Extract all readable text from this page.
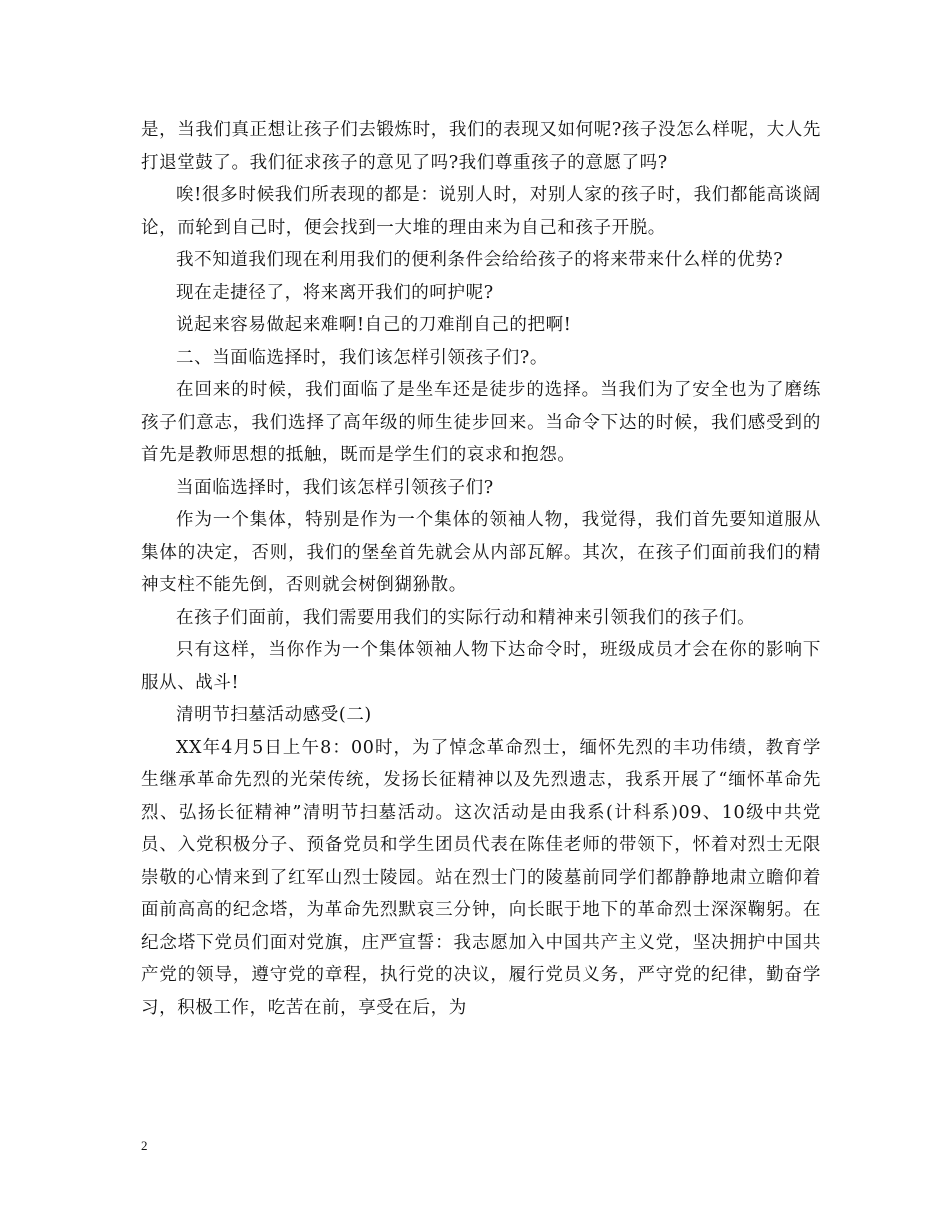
是，当我们真正想让孩子们去锻炼时，我们的表现又如何呢?孩子没怎么样呢，大人先打退堂鼓了。我们征求孩子的意见了吗?我们尊重孩子的意愿了吗?

唉!很多时候我们所表现的都是：说别人时，对别人家的孩子时，我们都能高谈阔论，而轮到自己时，便会找到一大堆的理由来为自己和孩子开脱。

我不知道我们现在利用我们的便利条件会给给孩子的将来带来什么样的优势?

现在走捷径了，将来离开我们的呵护呢?

说起来容易做起来难啊!自己的刀难削自己的把啊!

二、当面临选择时，我们该怎样引领孩子们?。

在回来的时候，我们面临了是坐车还是徒步的选择。当我们为了安全也为了磨练孩子们意志，我们选择了高年级的师生徒步回来。当命令下达的时候，我们感受到的首先是教师思想的抵触，既而是学生们的哀求和抱怨。

当面临选择时，我们该怎样引领孩子们?

作为一个集体，特别是作为一个集体的领袖人物，我觉得，我们首先要知道服从集体的决定，否则，我们的堡垒首先就会从内部瓦解。其次，在孩子们面前我们的精神支柱不能先倒，否则就会树倒猢狲散。

在孩子们面前，我们需要用我们的实际行动和精神来引领我们的孩子们。

只有这样，当你作为一个集体领袖人物下达命令时，班级成员才会在你的影响下服从、战斗!

清明节扫墓活动感受(二)

XX年4月5日上午8：00时，为了悼念革命烈士，缅怀先烈的丰功伟绩，教育学生继承革命先烈的光荣传统，发扬长征精神以及先烈遗志，我系开展了“缅怀革命先烈、弘扬长征精神”清明节扫墓活动。这次活动是由我系(计科系)09、10级中共党员、入党积极分子、预备党员和学生团员代表在陈佳老师的带领下，怀着对烈士无限崇敬的心情来到了红军山烈士陵园。站在烈士门的陵墓前同学们都静静地肃立瞻仰着面前高高的纪念塔，为革命先烈默哀三分钟，向长眠于地下的革命烈士深深鞠躬。在纪念塔下党员们面对党旗，庄严宣誓：我志愿加入中国共产主义党，坚决拥护中国共产党的领导，遵守党的章程，执行党的决议，履行党员义务，严守党的纪律，勤奋学习，积极工作，吃苦在前，享受在后，为

2
